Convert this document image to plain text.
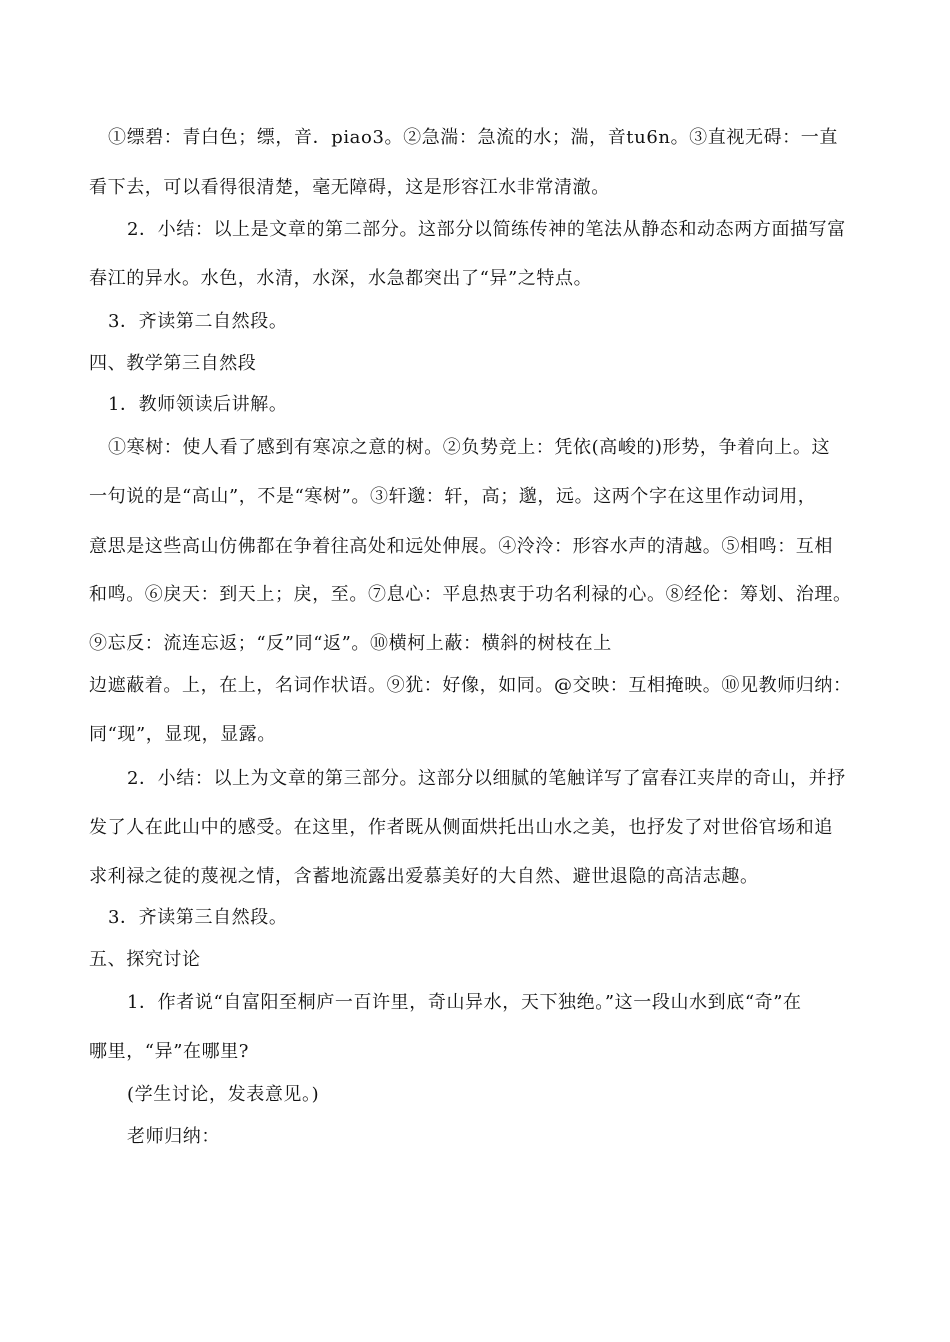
①缥碧：青白色；缥，音．piao3。②急湍：急流的水；湍，音tu6n。③直视无碍：一直
看下去，可以看得很清楚，毫无障碍，这是形容江水非常清澈。
2．小结：以上是文章的第二部分。这部分以简练传神的笔法从静态和动态两方面描写富
春江的异水。水色，水清，水深，水急都突出了“异”之特点。
3．齐读第二自然段。
四、教学第三自然段
1．教师领读后讲解。
①寒树：使人看了感到有寒凉之意的树。②负势竞上：凭依(高峻的)形势，争着向上。这
一句说的是“高山”，不是“寒树”。③轩邈：轩，高；邈，远。这两个字在这里作动词用，
意思是这些高山仿佛都在争着往高处和远处伸展。④泠泠：形容水声的清越。⑤相鸣：互相
和鸣。⑥戾天：到天上；戾，至。⑦息心：平息热衷于功名利禄的心。⑧经伦：筹划、治理。
⑨忘反：流连忘返；“反”同“返”。⑩横柯上蔽：横斜的树枝在上
边遮蔽着。上，在上，名词作状语。⑨犹：好像，如同。@交映：互相掩映。⑩见教师归纳：
同“现”，显现，显露。
2．小结：以上为文章的第三部分。这部分以细腻的笔触详写了富春江夹岸的奇山，并抒
发了人在此山中的感受。在这里，作者既从侧面烘托出山水之美，也抒发了对世俗官场和追
求利禄之徒的蔑视之情，含蓄地流露出爱慕美好的大自然、避世退隐的高洁志趣。
3．齐读第三自然段。
五、探究讨论
1．作者说“自富阳至桐庐一百许里，奇山异水，天下独绝。”这一段山水到底“奇”在
哪里，“异”在哪里?
(学生讨论，发表意见。)
老师归纳：
